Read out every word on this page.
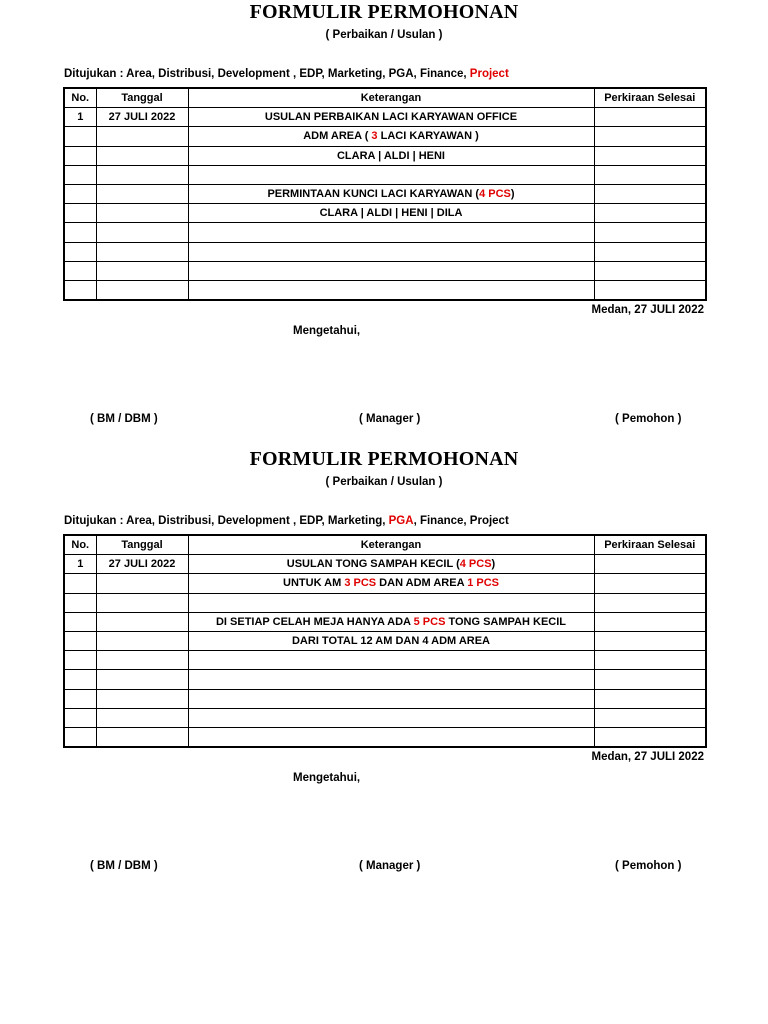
FORMULIR PERMOHONAN
( Perbaikan / Usulan )
Ditujukan : Area, Distribusi, Development , EDP, Marketing, PGA, Finance, Project
No.	Tanggal	Keterangan	Perkiraan Selesai
1	27 JULI 2022	USULAN PERBAIKAN LACI KARYAWAN OFFICE	
		ADM AREA ( 3 LACI KARYAWAN )	
		CLARA | ALDI | HENI	

		PERMINTAAN KUNCI LACI KARYAWAN (4 PCS)	
		CLARA | ALDI | HENI | DILA	

Medan, 27 JULI 2022
Mengetahui,
( BM / DBM )	( Manager )	( Pemohon )
FORMULIR PERMOHONAN
( Perbaikan / Usulan )
Ditujukan : Area, Distribusi, Development , EDP, Marketing, PGA, Finance, Project
No.	Tanggal	Keterangan	Perkiraan Selesai
1	27 JULI 2022	USULAN TONG SAMPAH KECIL (4 PCS)	
		UNTUK AM 3 PCS DAN ADM AREA 1 PCS	

		DI SETIAP CELAH MEJA HANYA ADA 5 PCS TONG SAMPAH KECIL	
		DARI TOTAL 12 AM DAN 4 ADM AREA	

Medan, 27 JULI 2022
Mengetahui,
( BM / DBM )	( Manager )	( Pemohon )
